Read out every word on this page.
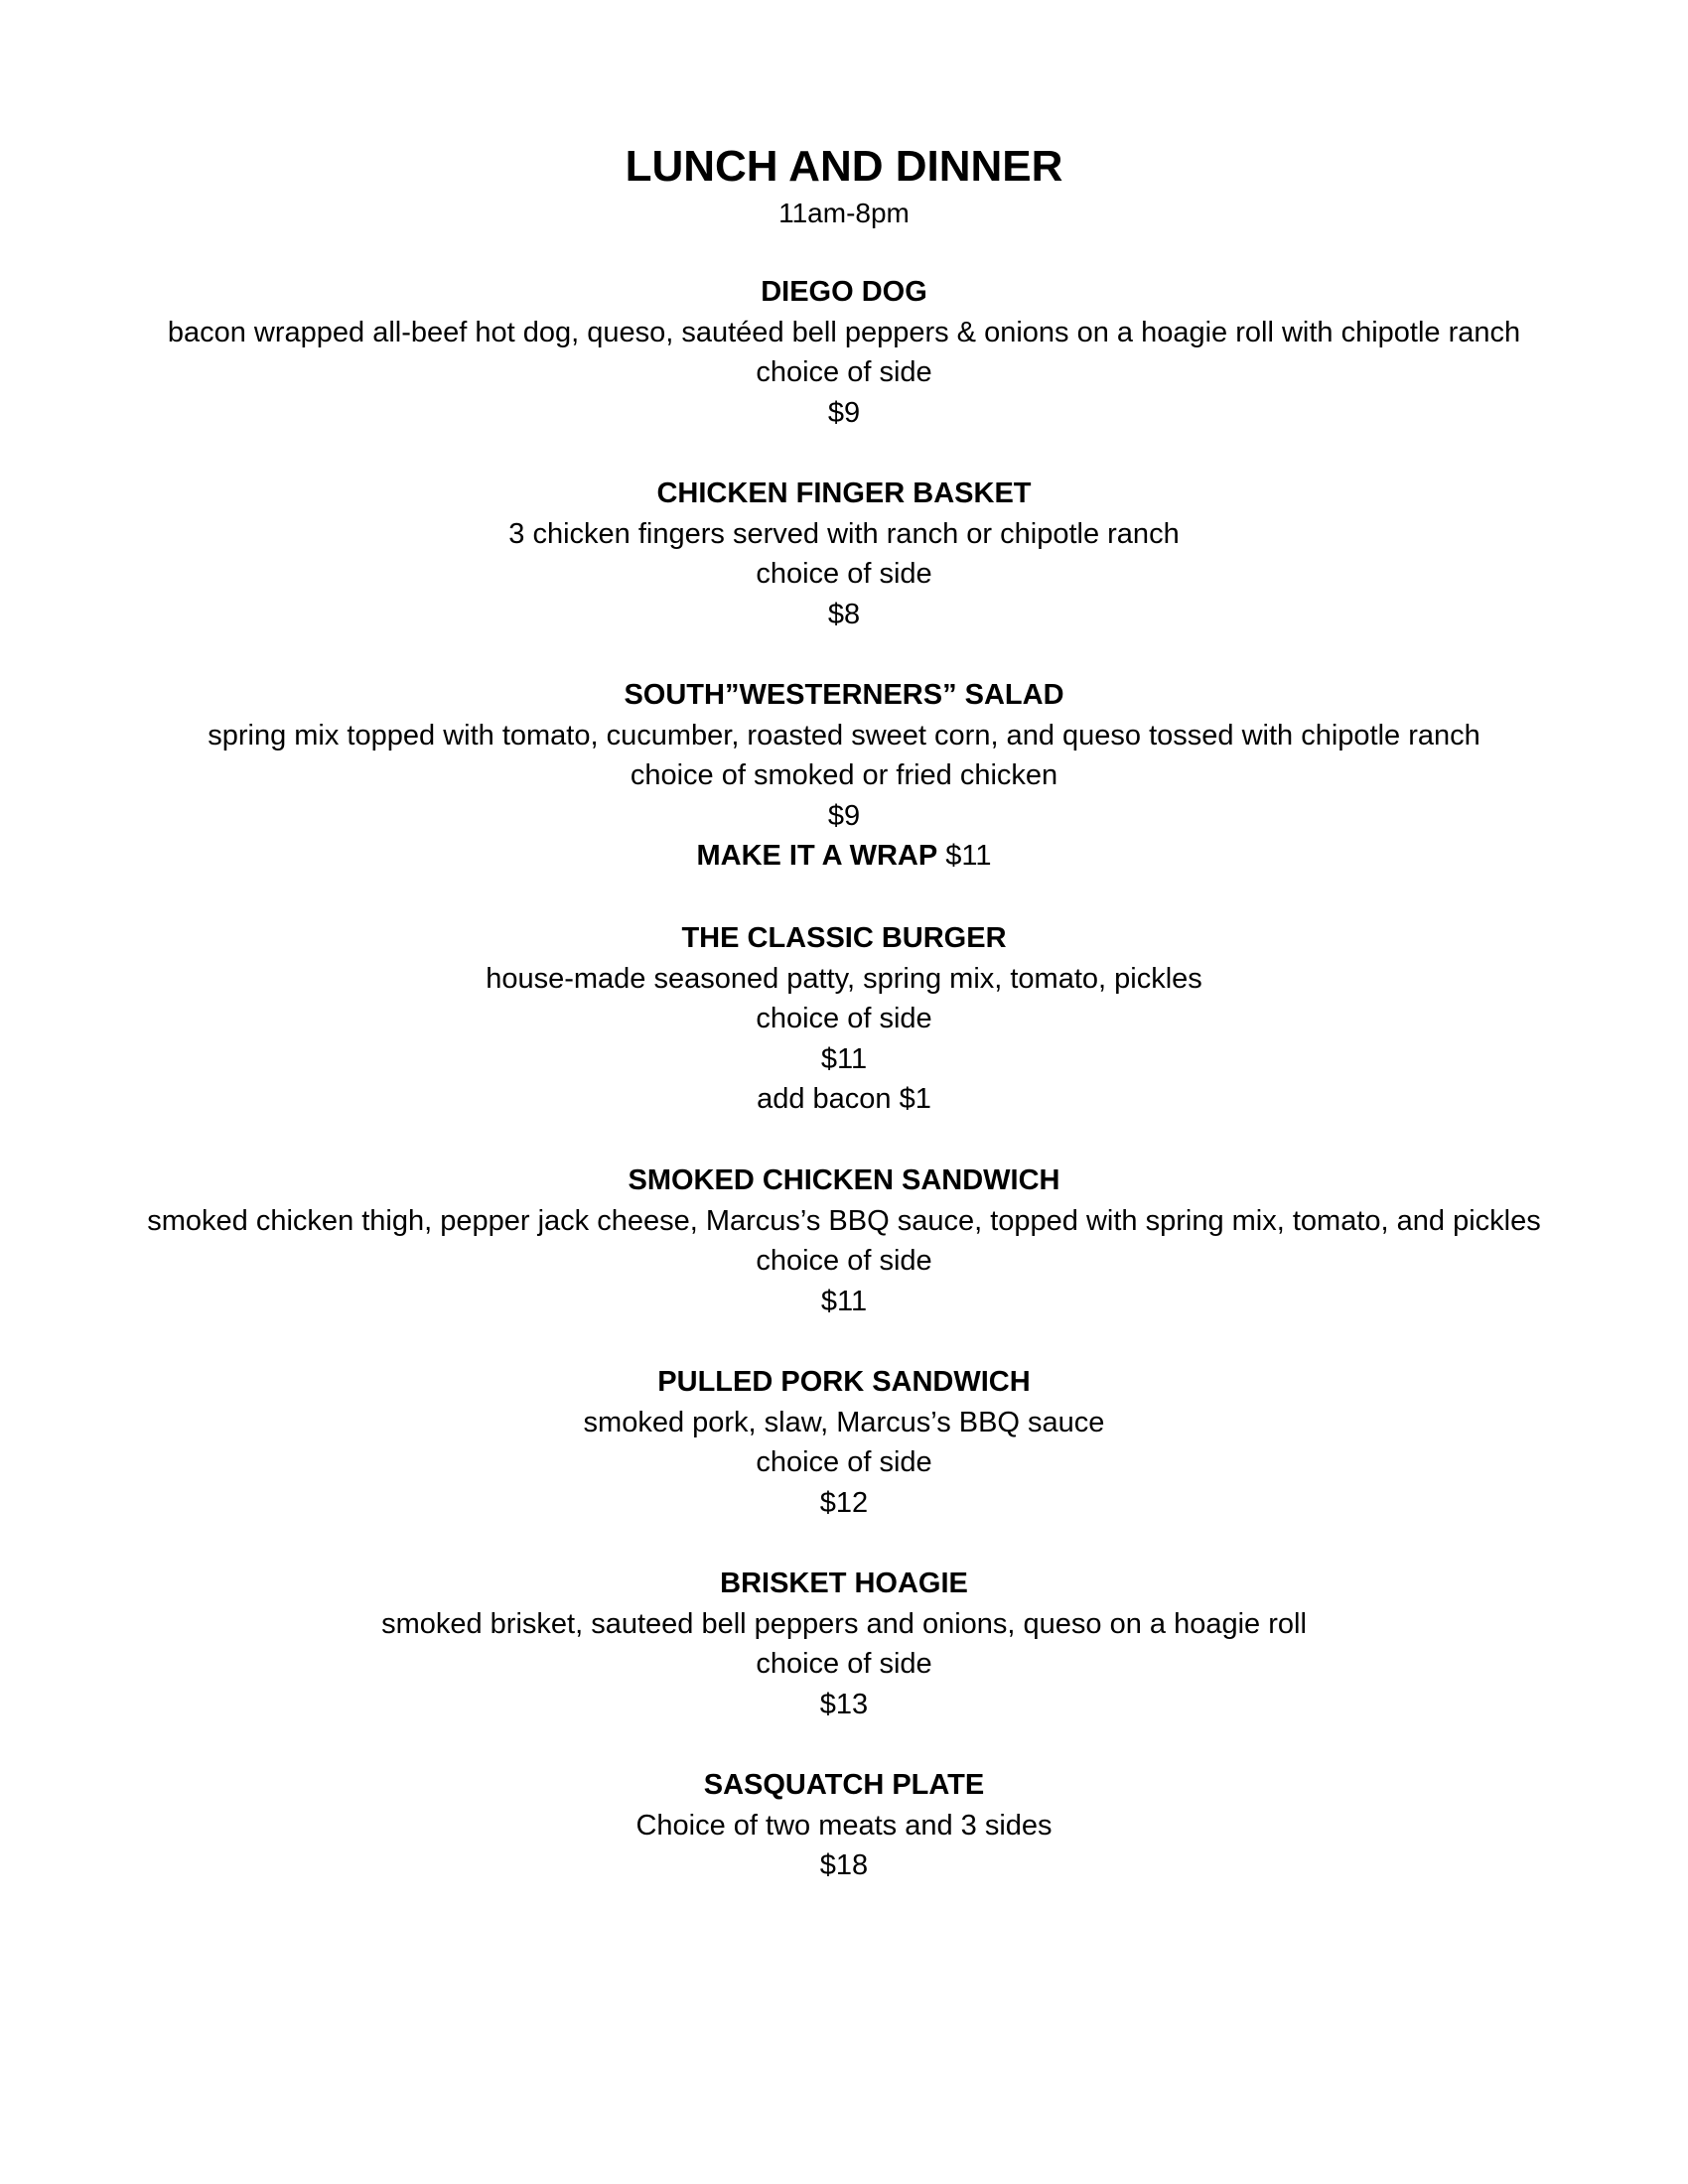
LUNCH AND DINNER
11am-8pm
DIEGO DOG
bacon wrapped all-beef hot dog, queso, sautéed bell peppers & onions on a hoagie roll with chipotle ranch
choice of side
$9
CHICKEN FINGER BASKET
3 chicken fingers served with ranch or chipotle ranch
choice of side
$8
SOUTH”WESTERNERS” SALAD
spring mix topped with tomato, cucumber, roasted sweet corn, and queso tossed with chipotle ranch
choice of smoked or fried chicken
$9
MAKE IT A WRAP $11
THE CLASSIC BURGER
house-made seasoned patty, spring mix, tomato, pickles
choice of side
$11
add bacon $1
SMOKED CHICKEN SANDWICH
smoked chicken thigh, pepper jack cheese, Marcus’s BBQ sauce, topped with spring mix, tomato, and pickles
choice of side
$11
PULLED PORK SANDWICH
smoked pork, slaw, Marcus’s BBQ sauce
choice of side
$12
BRISKET HOAGIE
smoked brisket, sauteed bell peppers and onions, queso on a hoagie roll
choice of side
$13
SASQUATCH PLATE
Choice of two meats and 3 sides
$18
